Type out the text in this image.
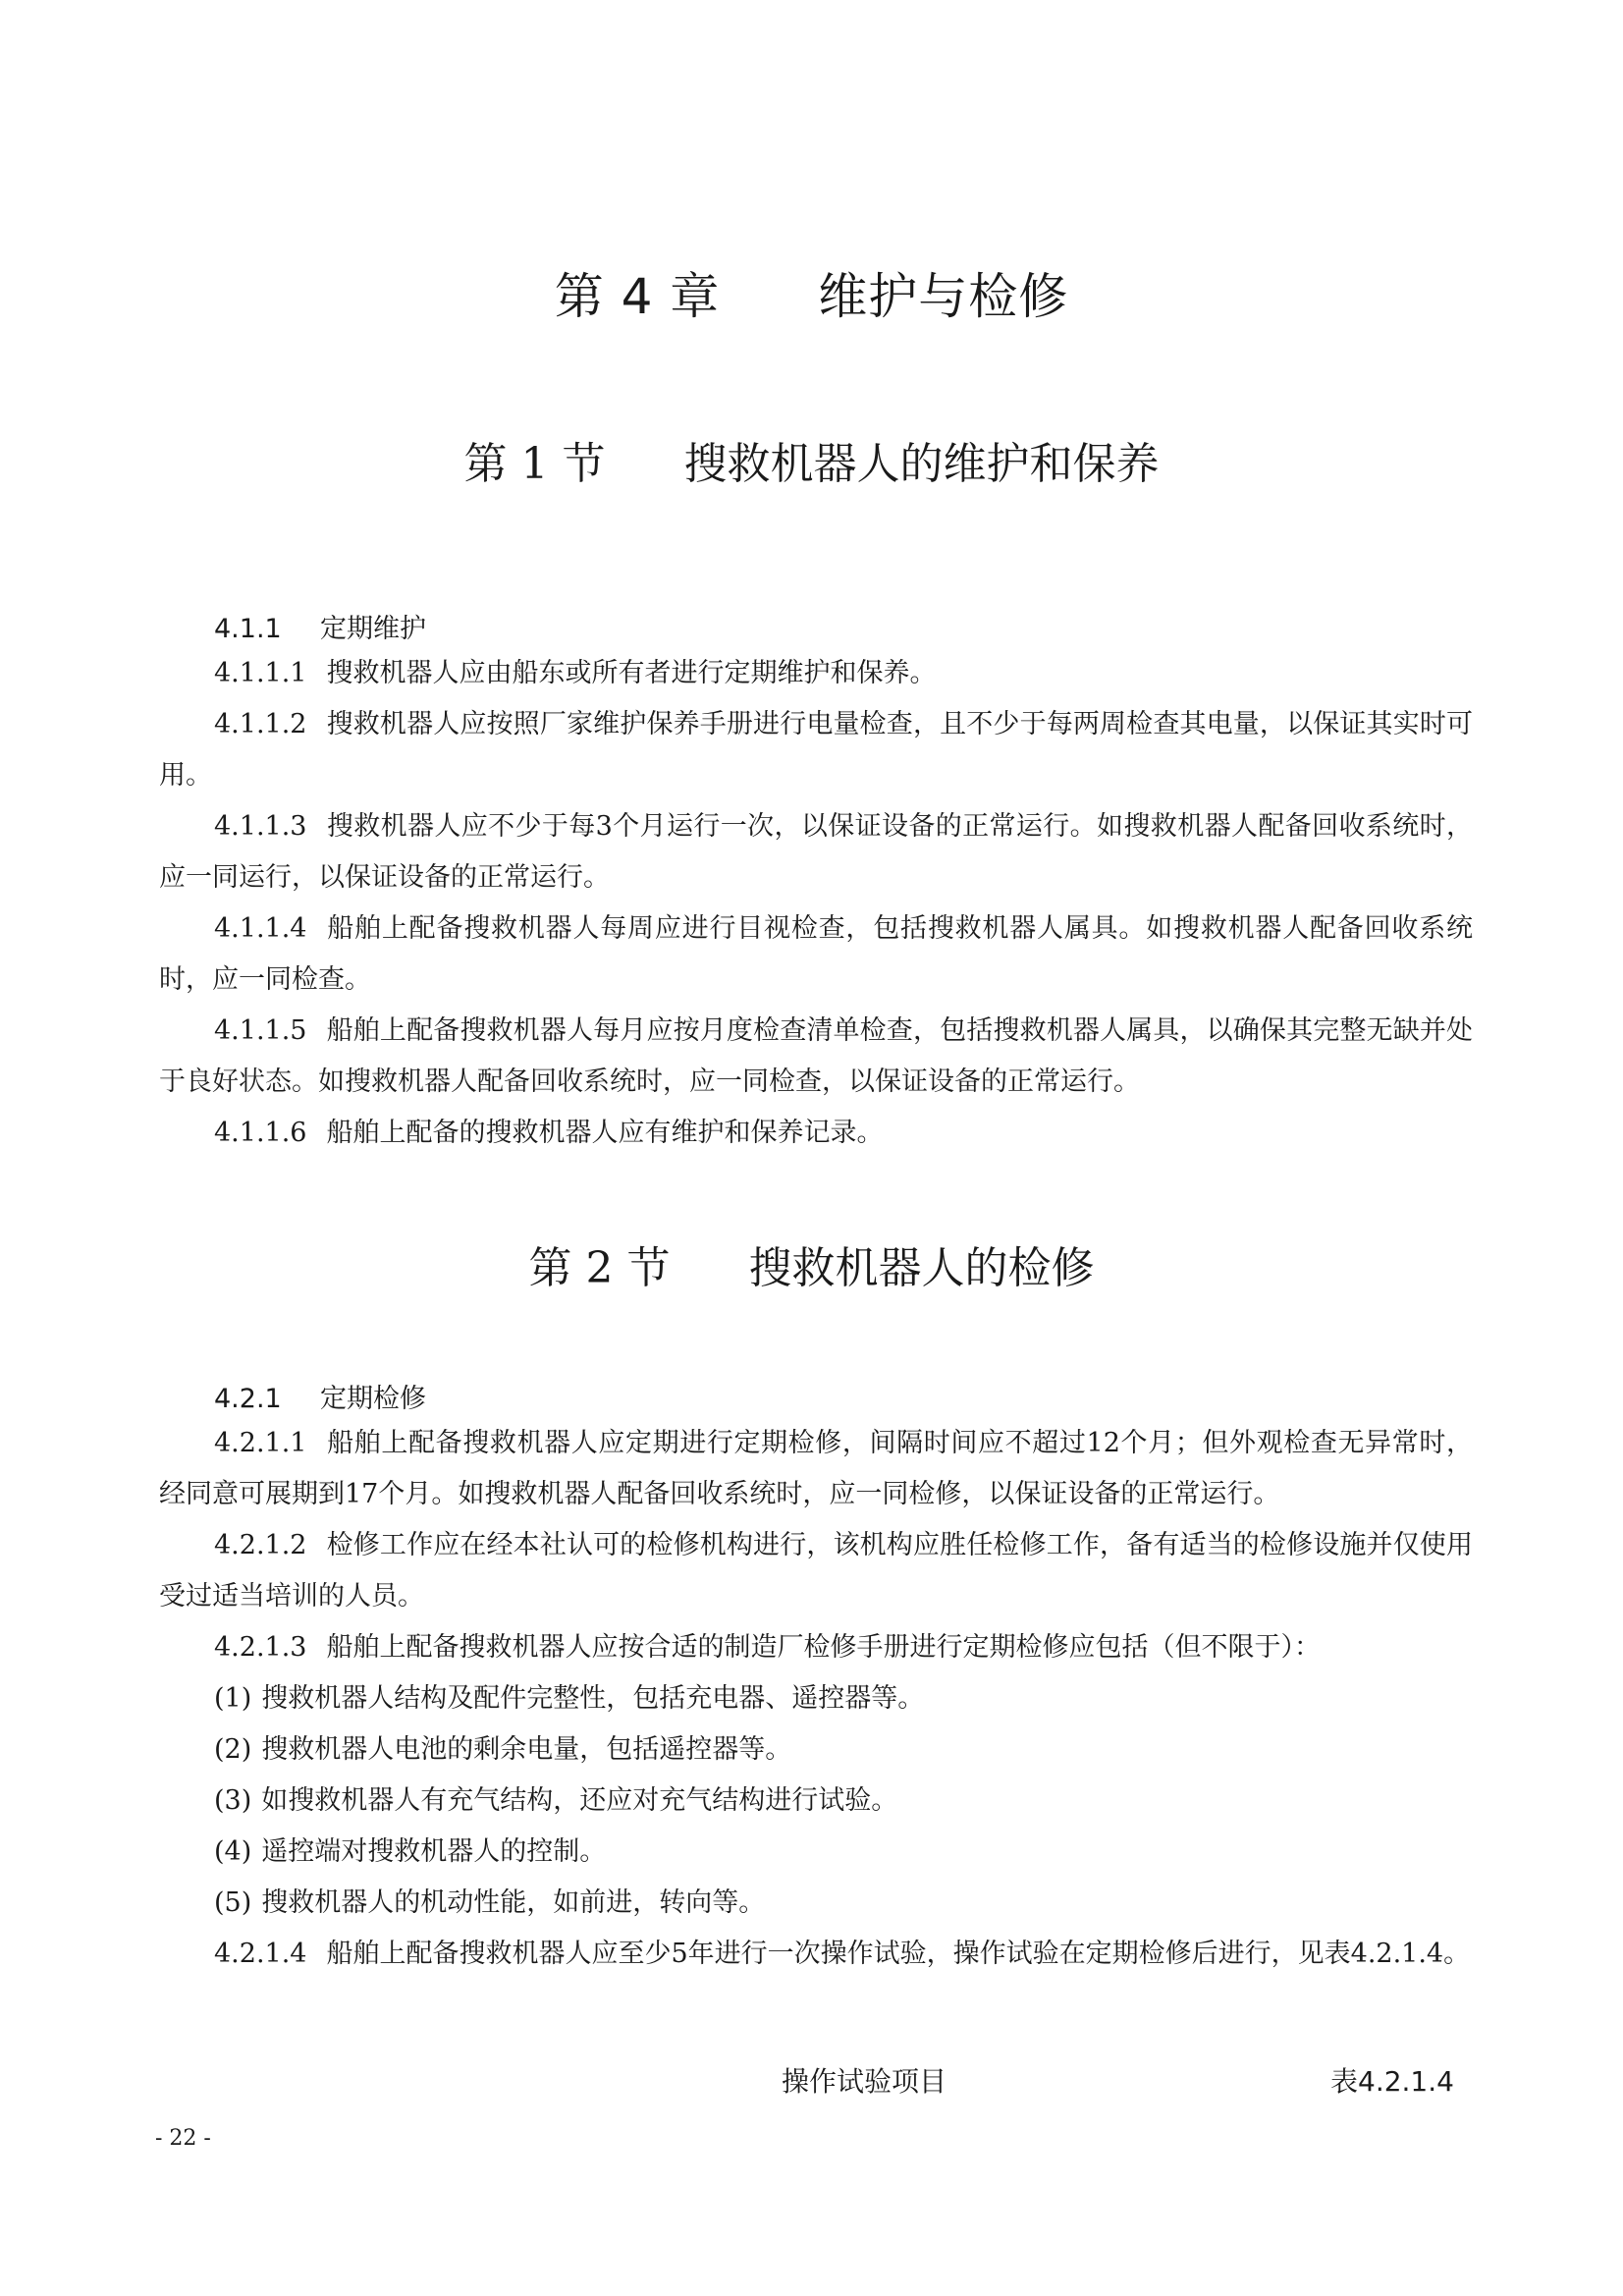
第 4 章 维护与检修
第 1 节 搜救机器人的维护和保养
4.1.1 定期维护
4.1.1.1 搜救机器人应由船东或所有者进行定期维护和保养。
4.1.1.2 搜救机器人应按照厂家维护保养手册进行电量检查，且不少于每两周检查其电量，以保证其实时可用。
4.1.1.3 搜救机器人应不少于每3个月运行一次，以保证设备的正常运行。如搜救机器人配备回收系统时，应一同运行，以保证设备的正常运行。
4.1.1.4 船舶上配备搜救机器人每周应进行目视检查，包括搜救机器人属具。如搜救机器人配备回收系统时，应一同检查。
4.1.1.5 船舶上配备搜救机器人每月应按月度检查清单检查，包括搜救机器人属具，以确保其完整无缺并处于良好状态。如搜救机器人配备回收系统时，应一同检查，以保证设备的正常运行。
4.1.1.6 船舶上配备的搜救机器人应有维护和保养记录。
第 2 节 搜救机器人的检修
4.2.1 定期检修
4.2.1.1 船舶上配备搜救机器人应定期进行定期检修，间隔时间应不超过12个月；但外观检查无异常时，经同意可展期到17个月。如搜救机器人配备回收系统时，应一同检修，以保证设备的正常运行。
4.2.1.2 检修工作应在经本社认可的检修机构进行，该机构应胜任检修工作，备有适当的检修设施并仅使用受过适当培训的人员。
4.2.1.3 船舶上配备搜救机器人应按合适的制造厂检修手册进行定期检修应包括（但不限于）：
(1) 搜救机器人结构及配件完整性，包括充电器、遥控器等。
(2) 搜救机器人电池的剩余电量，包括遥控器等。
(3) 如搜救机器人有充气结构，还应对充气结构进行试验。
(4) 遥控端对搜救机器人的控制。
(5) 搜救机器人的机动性能，如前进，转向等。
4.2.1.4 船舶上配备搜救机器人应至少5年进行一次操作试验，操作试验在定期检修后进行，见表4.2.1.4。
操作试验项目	表4.2.1.4
- 22 -
